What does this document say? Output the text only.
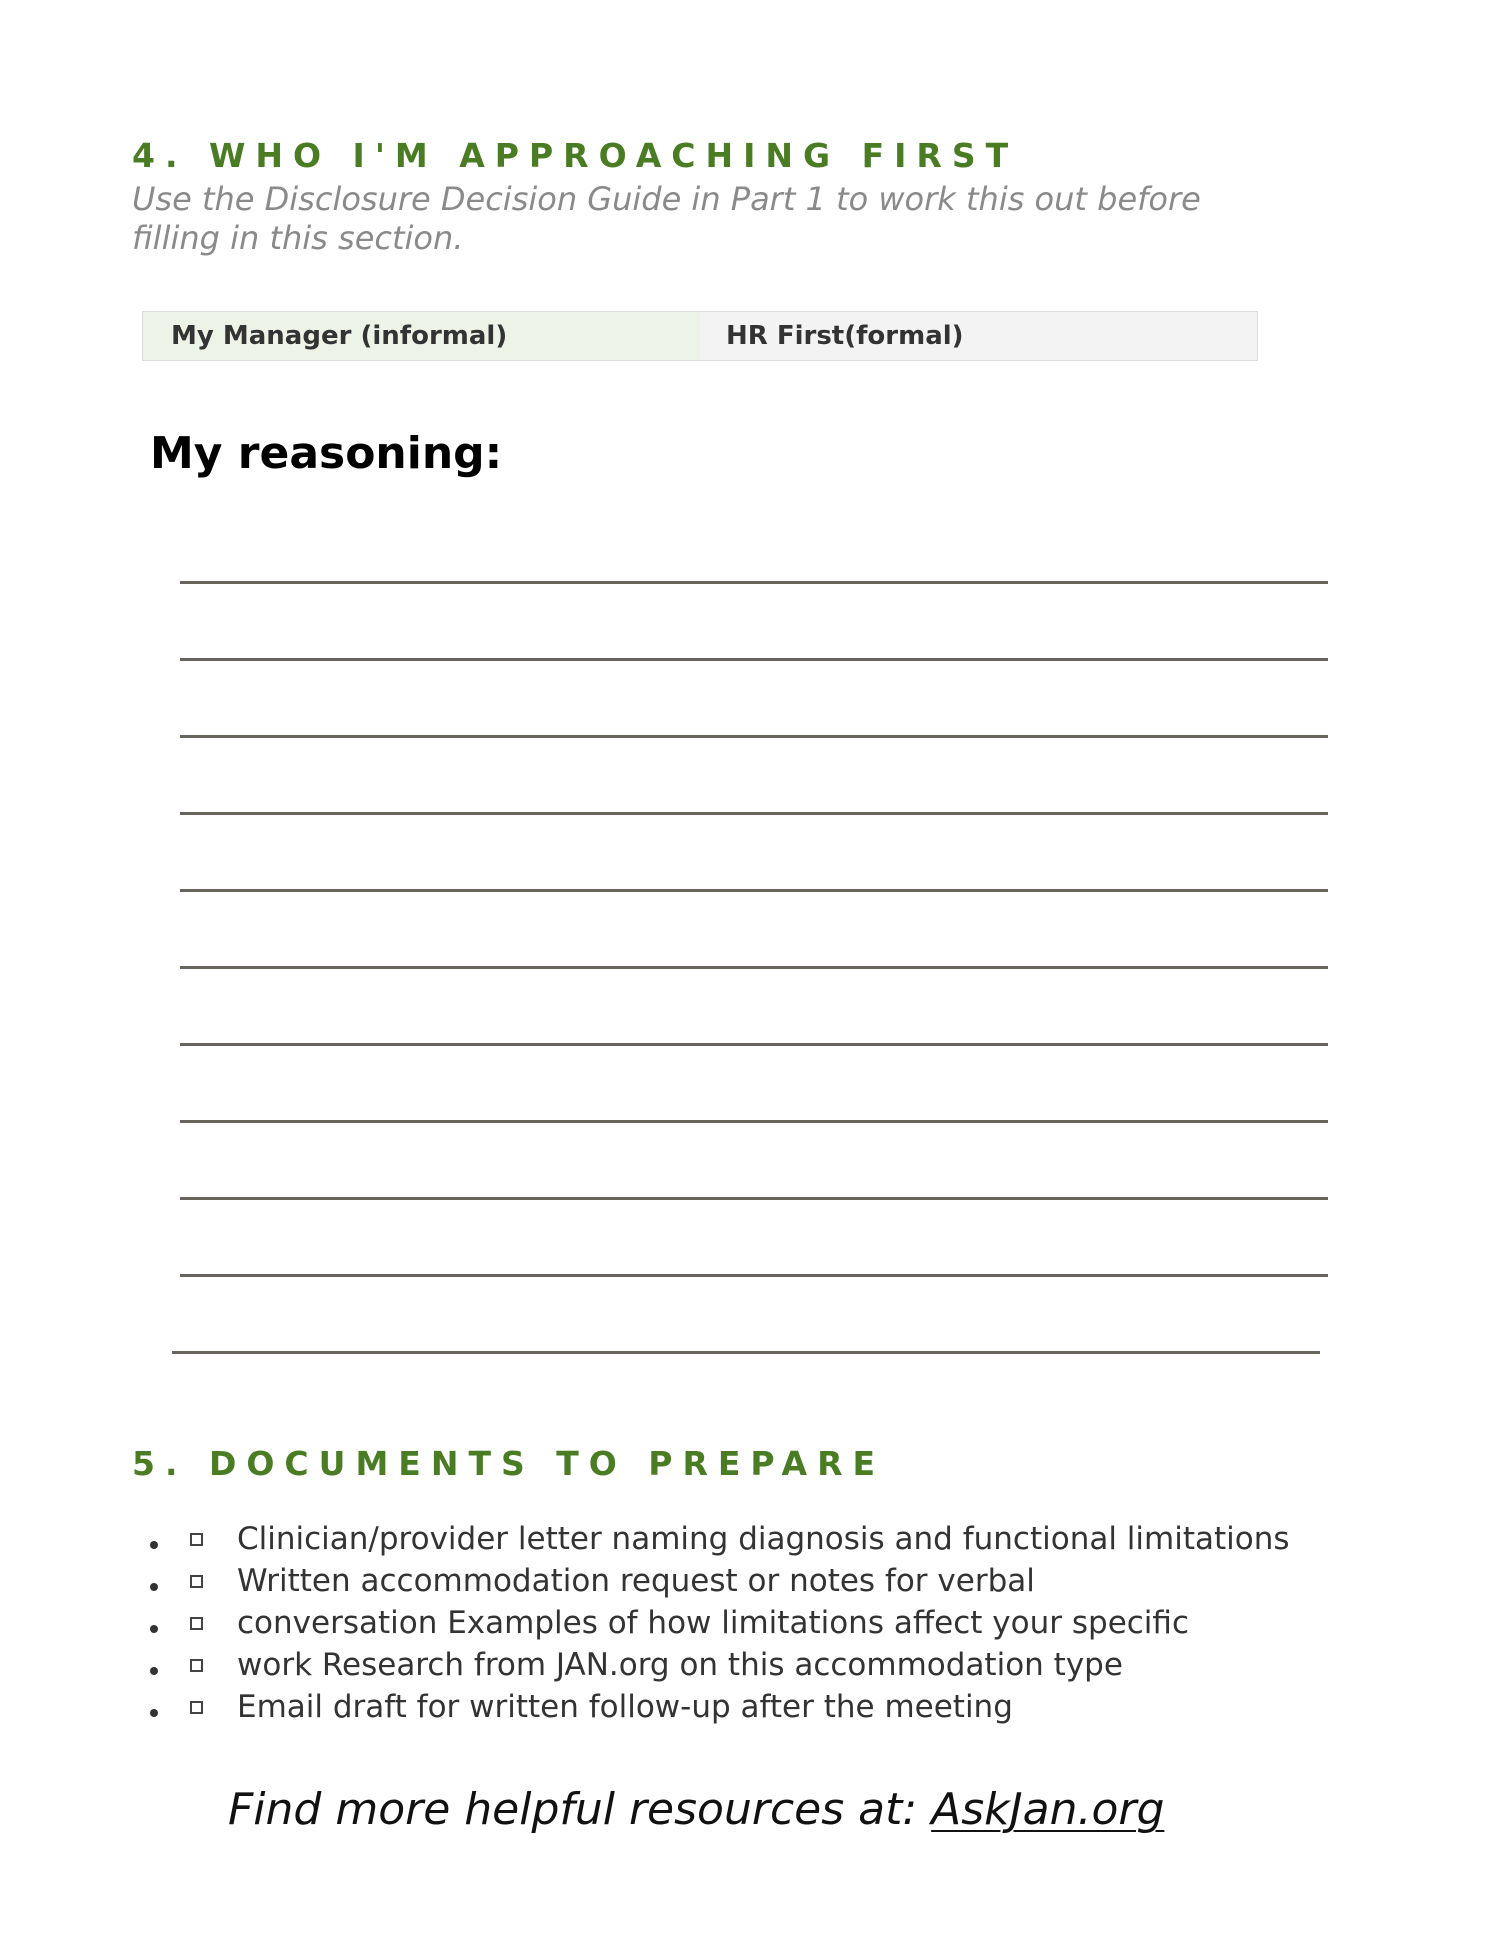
4. WHO I'M APPROACHING FIRST

Use the Disclosure Decision Guide in Part 1 to work this out before filling in this section.

My Manager (informal)	HR First(formal)
My reasoning:
5. DOCUMENTS TO PREPARE
Clinician/provider letter naming diagnosis and functional limitations
Written accommodation request or notes for verbal
conversation Examples of how limitations affect your specific
work Research from JAN.org on this accommodation type
Email draft for written follow-up after the meeting

Find more helpful resources at: AskJan.org
